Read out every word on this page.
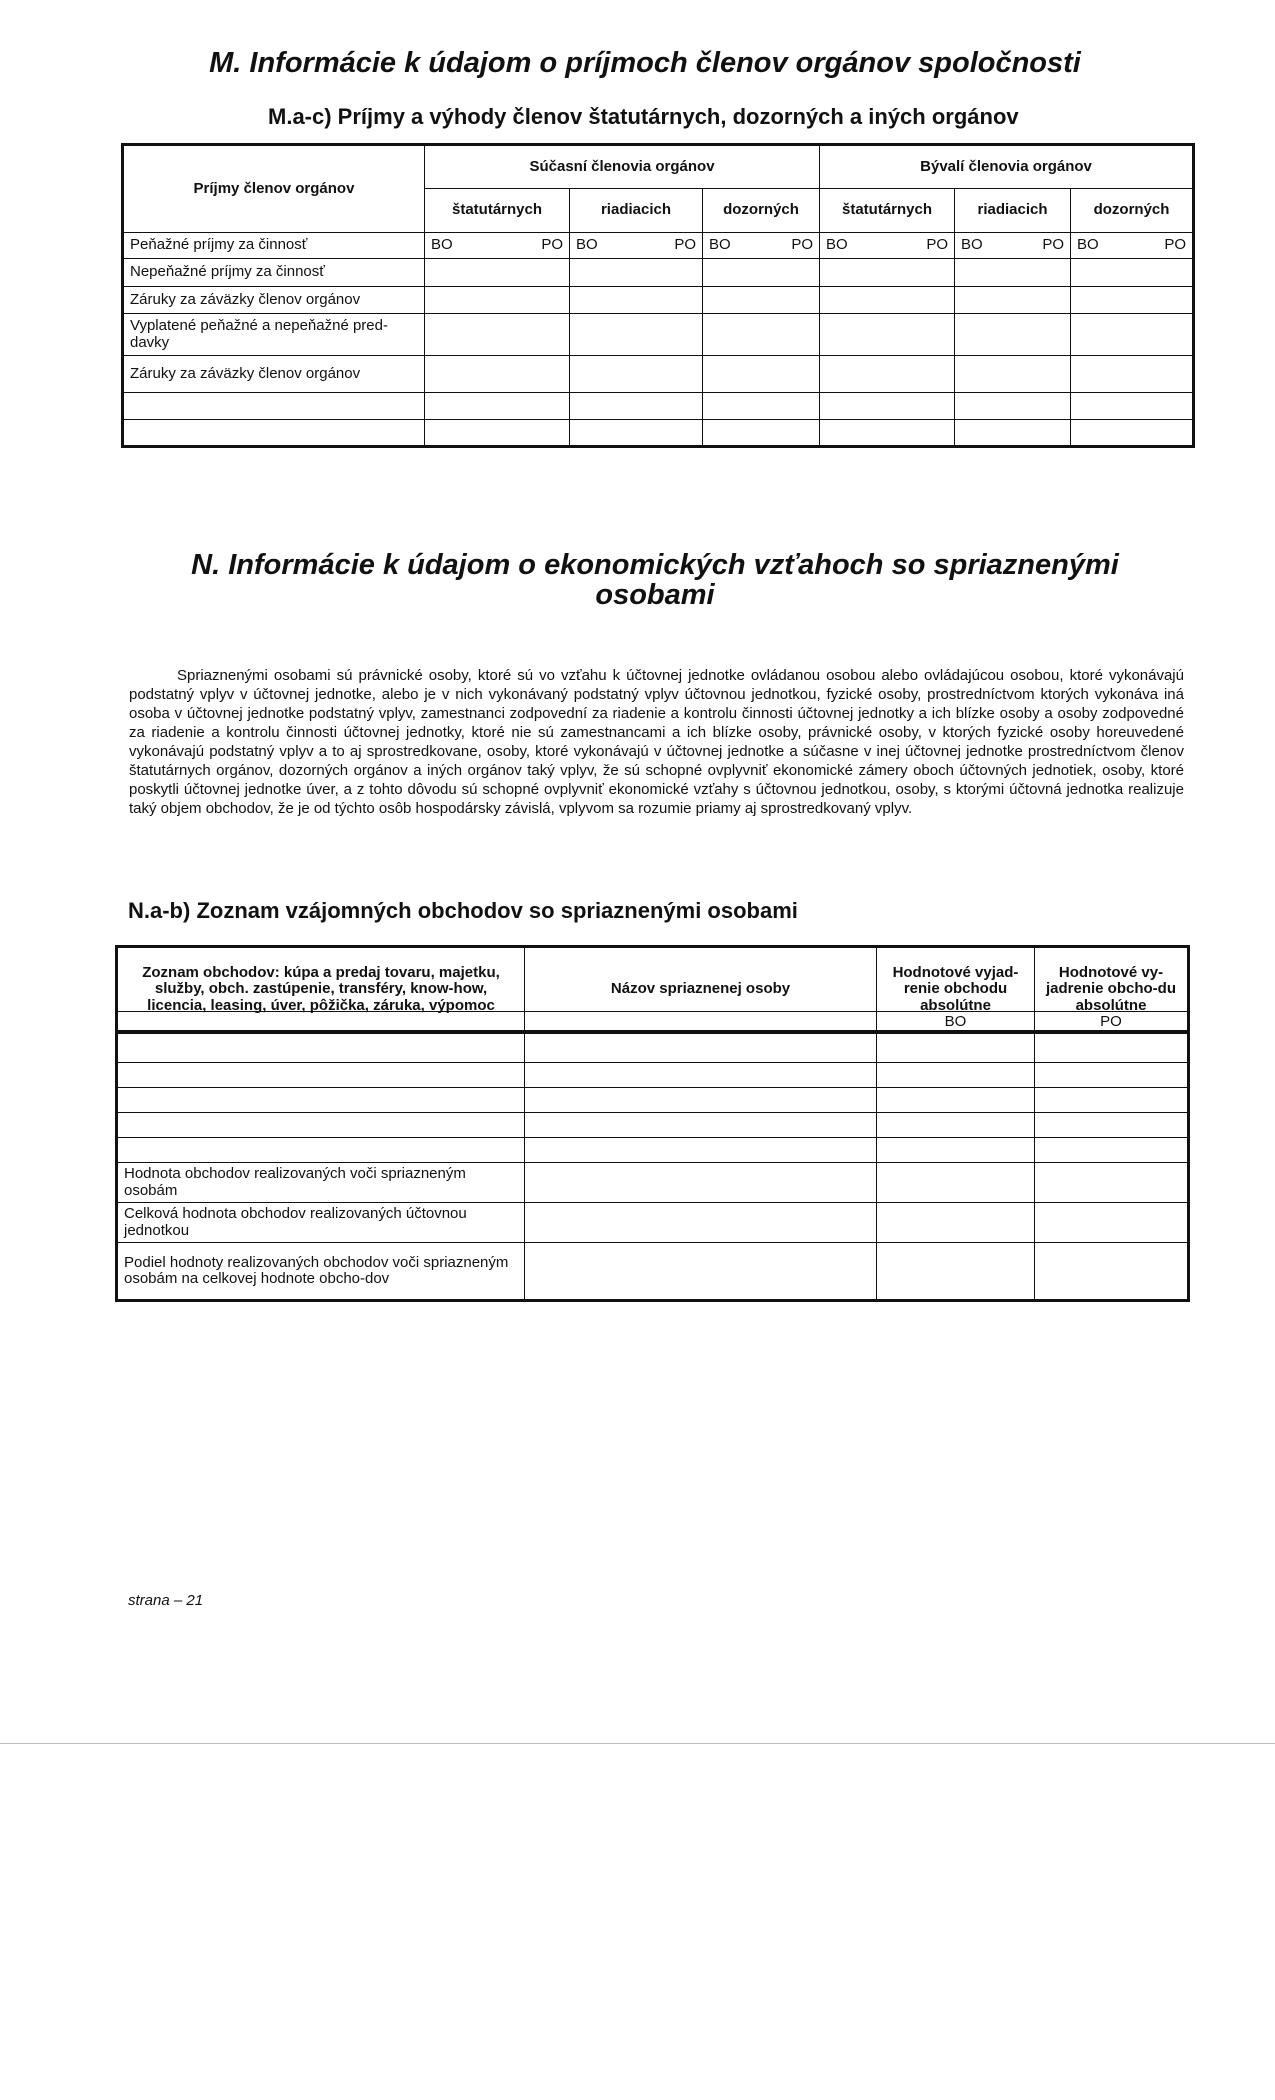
M. Informácie k údajom o príjmoch členov orgánov spoločnosti
M.a-c) Príjmy a výhody členov štatutárnych, dozorných a iných orgánov
Príjmy členov orgánov	Súčasní členovia orgánov			Bývalí členovia orgánov		
	štatutárnych	riadiacich	dozorných	štatutárnych	riadiacich	dozorných
Peňažné príjmy za činnosť	BO PO	BO PO	BO PO	BO PO	BO PO	BO PO

Nepeňažné príjmy za činnosť						
Záruky za záväzky členov orgánov						
Vyplatené peňažné a nepeňažné pred-davky						
Záruky za záväzky členov orgánov						

N. Informácie k údajom o ekonomických vzťahoch so spriaznenými osobami
Spriaznenými osobami sú právnické osoby, ktoré sú vo vzťahu k účtovnej jednotke ovládanou osobou alebo ovládajúcou osobou, ktoré vykonávajú podstatný vplyv v účtovnej jednotke, alebo je v nich vykonávaný podstatný vplyv účtovnou jednotkou, fyzické osoby, prostredníctvom ktorých vykonáva iná osoba v účtovnej jednotke podstatný vplyv, zamestnanci zodpovední za riadenie a kontrolu činnosti účtovnej jednotky a ich blízke osoby a osoby zodpovedné za riadenie a kontrolu činnosti účtovnej jednotky, ktoré nie sú zamestnancami a ich blízke osoby, právnické osoby, v ktorých fyzické osoby horeuvedené vykonávajú podstatný vplyv a to aj sprostredkovane, osoby, ktoré vykonávajú v účtovnej jednotke a súčasne v inej účtovnej jednotke prostredníctvom členov štatutárnych orgánov, dozorných orgánov a iných orgánov taký vplyv, že sú schopné ovplyvniť ekonomické zámery oboch účtovných jednotiek, osoby, ktoré poskytli účtovnej jednotke úver, a z tohto dôvodu sú schopné ovplyvniť ekonomické vzťahy s účtovnou jednotkou, osoby, s ktorými účtovná jednotka realizuje taký objem obchodov, že je od týchto osôb hospodársky závislá, vplyvom sa rozumie priamy aj sprostredkovaný vplyv.
N.a-b) Zoznam vzájomných obchodov so spriaznenými osobami
Zoznam obchodov: kúpa a predaj tovaru, majetku, služby, obch. zastúpenie, transféry, know-how, licencia, leasing, úver, pôžička, záruka, výpomoc	Názov spriaznenej osoby	Hodnotové vyjad-renie obchodu absolútne	Hodnotové vy-jadrenie obcho-du absolútne

		BO	PO

Hodnota obchodov realizovaných voči spriazneným osobám			
Celková hodnota obchodov realizovaných účtovnou jednotkou			
Podiel hodnoty realizovaných obchodov voči spriazneným osobám na celkovej hodnote obcho-dov			
strana – 21
